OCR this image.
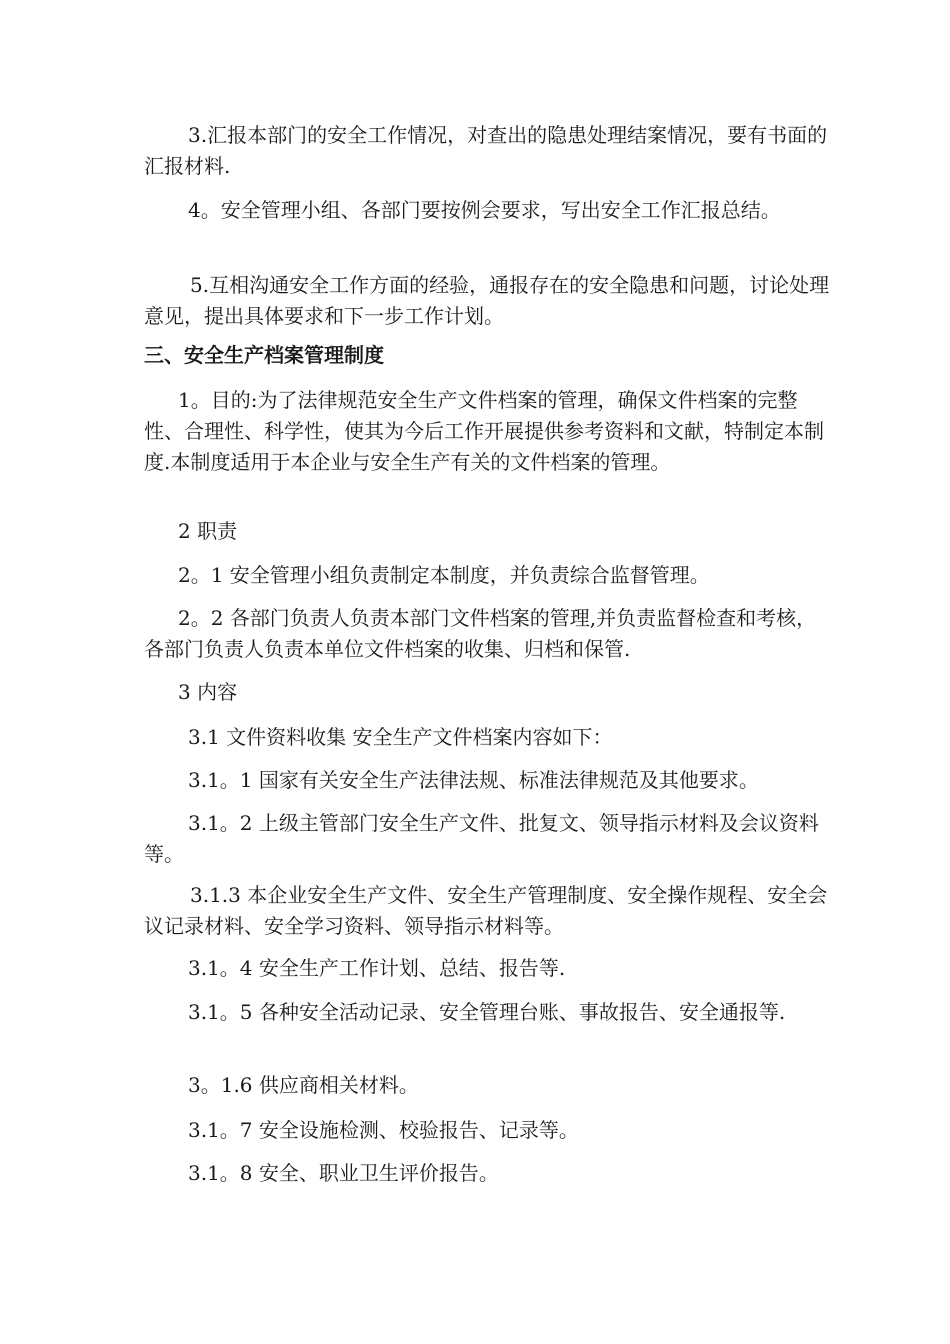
3.汇报本部门的安全工作情况，对查出的隐患处理结案情况，要有书面的汇报材料.

4。安全管理小组、各部门要按例会要求，写出安全工作汇报总结。

5.互相沟通安全工作方面的经验，通报存在的安全隐患和问题，讨论处理意见，提出具体要求和下一步工作计划。

三、安全生产档案管理制度

1。目的:为了法律规范安全生产文件档案的管理，确保文件档案的完整性、合理性、科学性，使其为今后工作开展提供参考资料和文献，特制定本制度.本制度适用于本企业与安全生产有关的文件档案的管理。

2 职责

2。1 安全管理小组负责制定本制度，并负责综合监督管理。

2。2 各部门负责人负责本部门文件档案的管理,并负责监督检查和考核，各部门负责人负责本单位文件档案的收集、归档和保管.

3 内容

3.1 文件资料收集 安全生产文件档案内容如下：

3.1。1 国家有关安全生产法律法规、标准法律规范及其他要求。

3.1。2 上级主管部门安全生产文件、批复文、领导指示材料及会议资料等。

3.1.3 本企业安全生产文件、安全生产管理制度、安全操作规程、安全会议记录材料、安全学习资料、领导指示材料等。

3.1。4 安全生产工作计划、总结、报告等.

3.1。5 各种安全活动记录、安全管理台账、事故报告、安全通报等.

3。1.6 供应商相关材料。

3.1。7 安全设施检测、校验报告、记录等。

3.1。8 安全、职业卫生评价报告。
